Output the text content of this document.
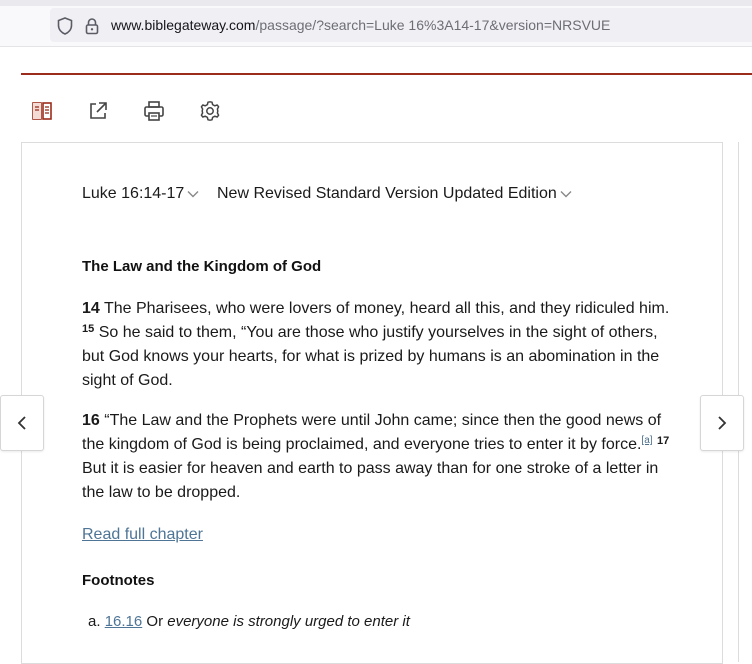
www.biblegateway.com/passage/?search=Luke 16%3A14-17&version=NRSVUE
Luke 16:14-17	New Revised Standard Version Updated Edition
The Law and the Kingdom of God
14 The Pharisees, who were lovers of money, heard all this, and they ridiculed him. $^{15}$ So he said to them, “You are those who justify yourselves in the sight of others, but God knows your hearts, for what is prized by humans is an abomination in the sight of God.
16 “The Law and the Prophets were until John came; since then the good news of the kingdom of God is being proclaimed, and everyone tries to enter it by force.[a] $^{17}$ But it is easier for heaven and earth to pass away than for one stroke of a letter in the law to be dropped.
Read full chapter
Footnotes
a. 16.16 Or everyone is strongly urged to enter it
